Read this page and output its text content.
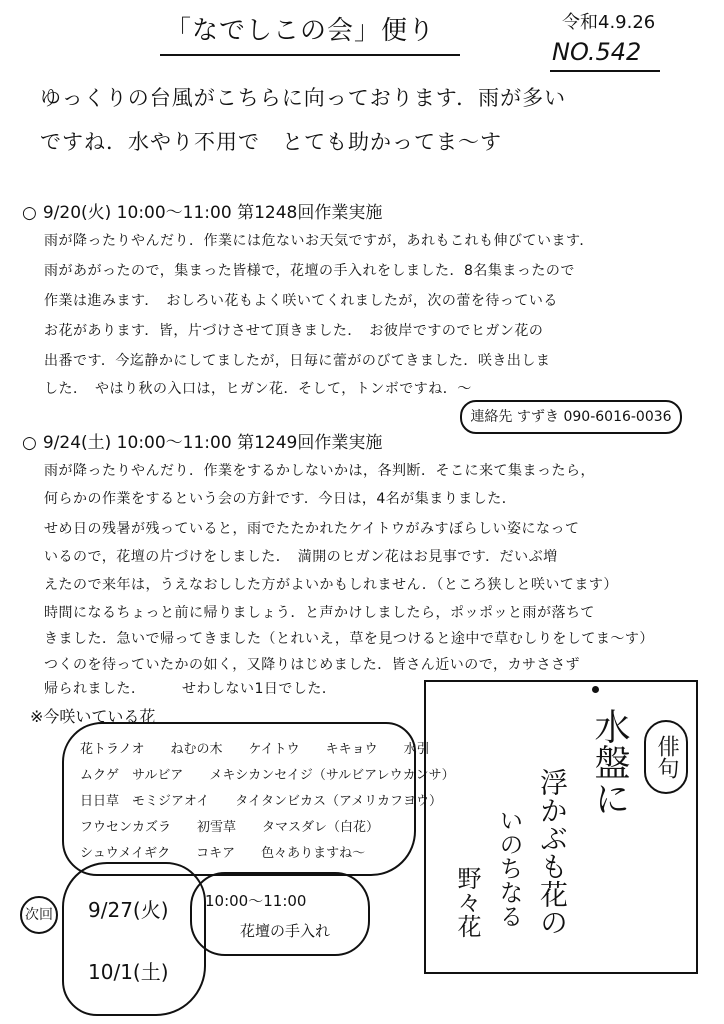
「なでしこの会」便り	令和4.9.26
NO.542
ゆっくりの台風がこちらに向っております．雨が多い
ですね．水やり不用で　とても助かってま～す
○ 9/20(火) 10:00～11:00 第1248回作業実施
雨が降ったりやんだり．作業には危ないお天気ですが，あれもこれも伸びています．
雨があがったので，集まった皆様で，花壇の手入れをしました．8名集まったので
作業は進みます．　おしろい花もよく咲いてくれましたが，次の蕾を待っている
お花があります．皆，片づけさせて頂きました．　お彼岸ですのでヒガン花の
出番です．今迄静かにしてましたが，日毎に蕾がのびてきました．咲き出しま
した．　やはり秋の入口は，ヒガン花．そして，トンボですね．～
連絡先 すずき 090-6016-0036
○ 9/24(土) 10:00～11:00 第1249回作業実施
雨が降ったりやんだり．作業をするかしないかは，各判断．そこに来て集まったら，
何らかの作業をするという会の方針です．今日は，4名が集まりました．
せめ日の残暑が残っていると，雨でたたかれたケイトウがみすぼらしい姿になって
いるので，花壇の片づけをしました．　満開のヒガン花はお見事です．だいぶ増
えたので来年は，うえなおしした方がよいかもしれません．（ところ狭しと咲いてます）
時間になるちょっと前に帰りましょう．と声かけしましたら，ポッポッと雨が落ちて
きました．急いで帰ってきました（とれいえ，草を見つけると途中で草むしりをしてま～す）
つくのを待っていたかの如く，又降りはじめました．皆さん近いので，カサささず
帰られました．　　　せわしない1日でした．
※今咲いている花
花トラノオ　　ねむの木　　ケイトウ　　キキョウ　　水引
ムクゲ　サルビア　　メキシカンセイジ（サルビアレウカンサ）
日日草　モミジアオイ　　タイタンビカス（アメリカフヨウ）
フウセンカズラ　　初雪草　　タマスダレ（白花）
シュウメイギク　　コキア　　色々ありますね～
俳句
水盤に
浮かぶも花の
いのちなる
野々花
次回 9/27(火)
10/1(土)
10:00～11:00
花壇の手入れ
